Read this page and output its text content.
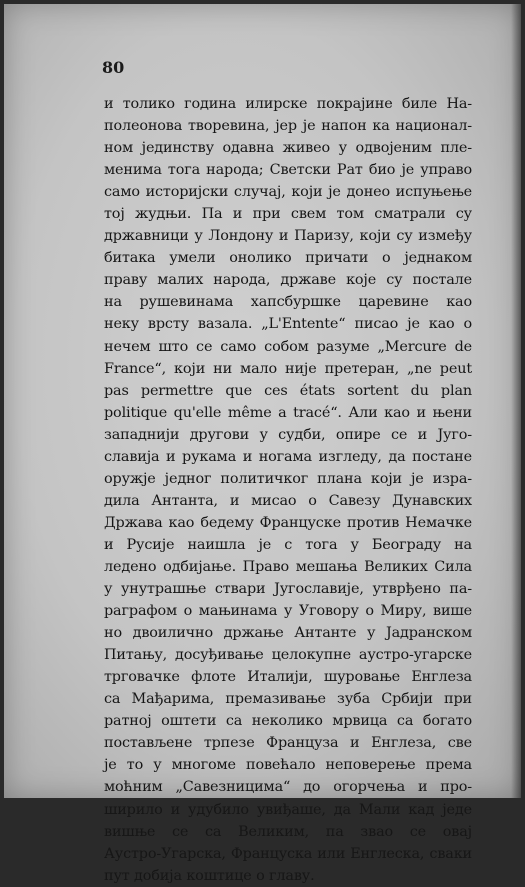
80
и толико година илирске покрајине биле На-
полеонова творевина, јер је напон ка национал-
ном јединству одавна живео у одвојеним пле-
менима тога народа; Светски Рат био је управо
само историјски случај, који је донео испуњење
тој жудњи. Па и при свем том сматрали су
државници у Лондону и Паризу, који су између
битака умели онолико причати о једнаком
праву малих народа, државе које су постале
на рушевинама хапсбуршке царевине као
неку врсту вазала. „L'Entente“ писао је као о
нечем што се само собом разуме „Mercure de
France“, који ни мало није претеран, „ne peut
pas permettre que ces états sortent du plan
politique qu'elle même a tracé“. Али као и њени
западнији другови у судби, опире се и Југо-
славија и рукама и ногама изгледу, да постане
оружје једног политичког плана који је изра-
дила Антанта, и мисао о Савезу Дунавских
Држава као бедему Француске против Немачке
и Русије наишла је с тога у Београду на
ледено одбијање. Право мешања Великих Сила
у унутрашње ствари Југославије, утврђено па-
раграфом о мањинама у Уговору о Миру, више
но двоилично држање Антанте у Јадранском
Питању, досуђивање целокупне аустро-угарске
трговачке флоте Италији, шуровање Енглеза
са Мађарима, премазивање зуба Србији при
ратној оштети са неколико мрвица са богато
постављене трпезе Француза и Енглеза, све
је то у многоме повећало неповерење према
моћним „Савезницима“ до огорчења и про-
ширило и удубило увиђаше, да Мали кад једе
вишње се са Великим, па звао се овај
Аустро-Угарска, Француска или Енглеска, сваки
пут добија коштице о главу.
